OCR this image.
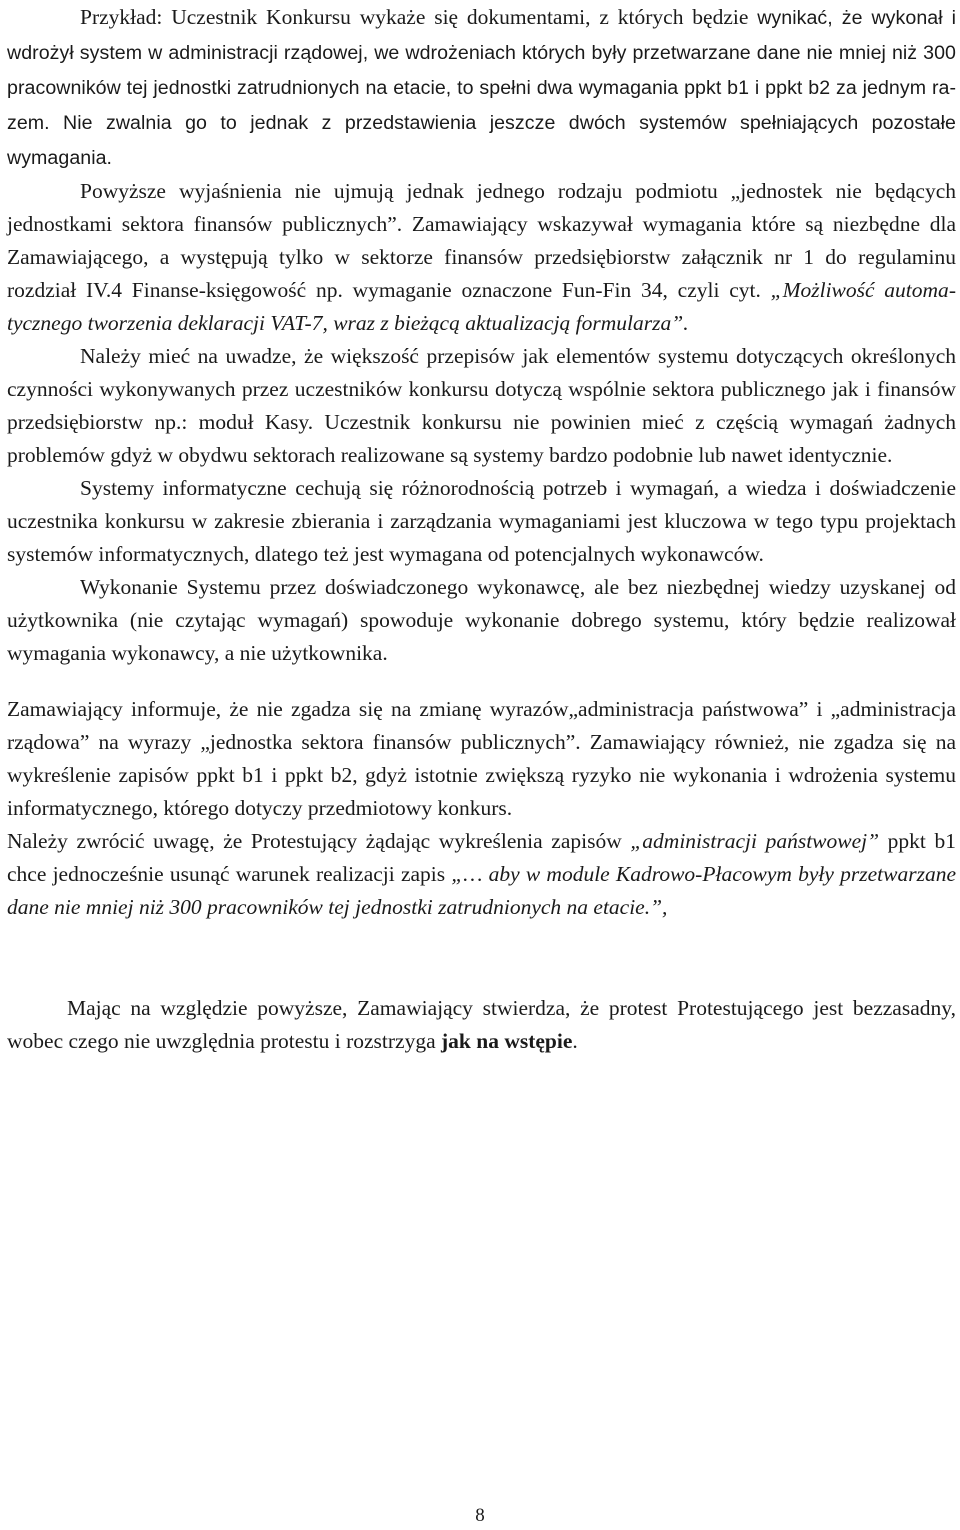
Przykład: Uczestnik Konkursu wykaże się dokumentami, z których będzie wynikać, że wykonał i wdrożył system w administracji rządowej, we wdrożeniach których były przetwarzane dane nie mniej niż 300 pracowników tej jednostki zatrudnionych na etacie, to spełni dwa wymagania ppkt b1 i ppkt b2 za jednym razem. Nie zwalnia go to jednak z przedstawienia jeszcze dwóch systemów spełniających pozostałe wymagania.

Powyższe wyjaśnienia nie ujmują jednak jednego rodzaju podmiotu „jednostek nie będących jednostkami sektora finansów publicznych”. Zamawiający wskazywał wymagania które są niezbędne dla Zamawiającego, a występują tylko w sektorze finansów przedsiębiorstw załącznik nr 1 do regulaminu rozdział IV.4 Finanse-księgowość np. wymaganie oznaczone Fun-Fin 34, czyli cyt. „Możliwość automatycznego tworzenia deklaracji VAT-7, wraz z bieżącą aktualizacją formularza”.

Należy mieć na uwadze, że większość przepisów jak elementów systemu dotyczących określonych czynności wykonywanych przez uczestników konkursu dotyczą wspólnie sektora publicznego jak i finansów przedsiębiorstw np.: moduł Kasy. Uczestnik konkursu nie powinien mieć z częścią wymagań żadnych problemów gdyż w obydwu sektorach realizowane są systemy bardzo podobnie lub nawet identycznie.

Systemy informatyczne cechują się różnorodnością potrzeb i wymagań, a wiedza i doświadczenie uczestnika konkursu w zakresie zbierania i zarządzania wymaganiami jest kluczowa w tego typu projektach systemów informatycznych, dlatego też jest wymagana od potencjalnych wykonawców.

Wykonanie Systemu przez doświadczonego wykonawcę, ale bez niezbędnej wiedzy uzyskanej od użytkownika (nie czytając wymagań) spowoduje wykonanie dobrego systemu, który będzie realizował wymagania wykonawcy, a nie użytkownika.

Zamawiający informuje, że nie zgadza się na zmianę wyrazów„administracja państwowa” i „administracja rządowa” na wyrazy „jednostka sektora finansów publicznych”. Zamawiający również, nie zgadza się na wykreślenie zapisów ppkt b1 i ppkt b2, gdyż istotnie zwiększą ryzyko nie wykonania i wdrożenia systemu informatycznego, którego dotyczy przedmiotowy konkurs.

Należy zwrócić uwagę, że Protestujący żądając wykreślenia zapisów „administracji państwowej” ppkt b1 chce jednocześnie usunąć warunek realizacji zapis „… aby w module Kadrowo-Płacowym były przetwarzane dane nie mniej niż 300 pracowników tej jednostki zatrudnionych na etacie.”,

Mając na względzie powyższe, Zamawiający stwierdza, że protest Protestującego jest bezzasadny, wobec czego nie uwzględnia protestu i rozstrzyga jak na wstępie.

8
